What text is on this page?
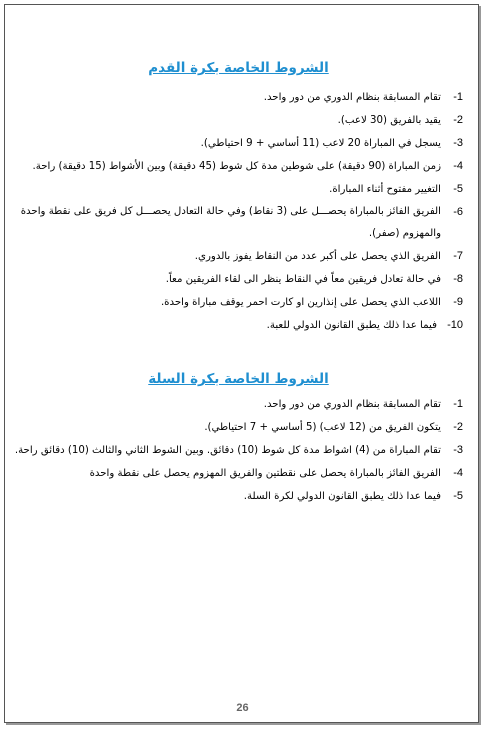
الشروط الخاصة بكرة القدم
1-
تقام المسابقة بنظام الدوري من دور واحد.
2-
يقيد بالفريق (30 لاعب).
3-
يسجل في المباراة 20 لاعب (11 أساسي + 9 احتياطي).
4-
زمن المباراة (90 دقيقة) على شوطين مدة كل شوط (45 دقيقة) وبين الأشواط (15 دقيقة) راحة.
5-
التغيير مفتوح أثناء المباراة.
6-
الفريق الفائز بالمباراة يحصـــل على (3 نقاط) وفي حالة التعادل يحصـــل كل فريق على نقطة واحدة والمهزوم (صفر).
7-
الفريق الذي يحصل على أكبر عدد من النقاط يفوز بالدوري.
8-
في حالة تعادل فريقين معاً في النقاط ينظر الى لقاء الفريقين معاً.
9-
اللاعب الذي يحصل على إنذارين او كارت احمر يوقف مباراة واحدة.
10-
فيما عدا ذلك يطبق القانون الدولي للعبة.
الشروط الخاصة بكرة السلة
1-
تقام المسابقة بنظام الدوري من دور واحد.
2-
يتكون الفريق من (12 لاعب) (5 أساسي + 7 احتياطي).
3-
تقام المباراة من (4) اشواط مدة كل شوط (10) دقائق. وبين الشوط الثاني والثالث (10) دقائق راحة.
4-
الفريق الفائز بالمباراة يحصل على نقطتين والفريق المهزوم يحصل على نقطة واحدة
5-
فيما عدا ذلك يطبق القانون الدولي لكرة السلة.
26
